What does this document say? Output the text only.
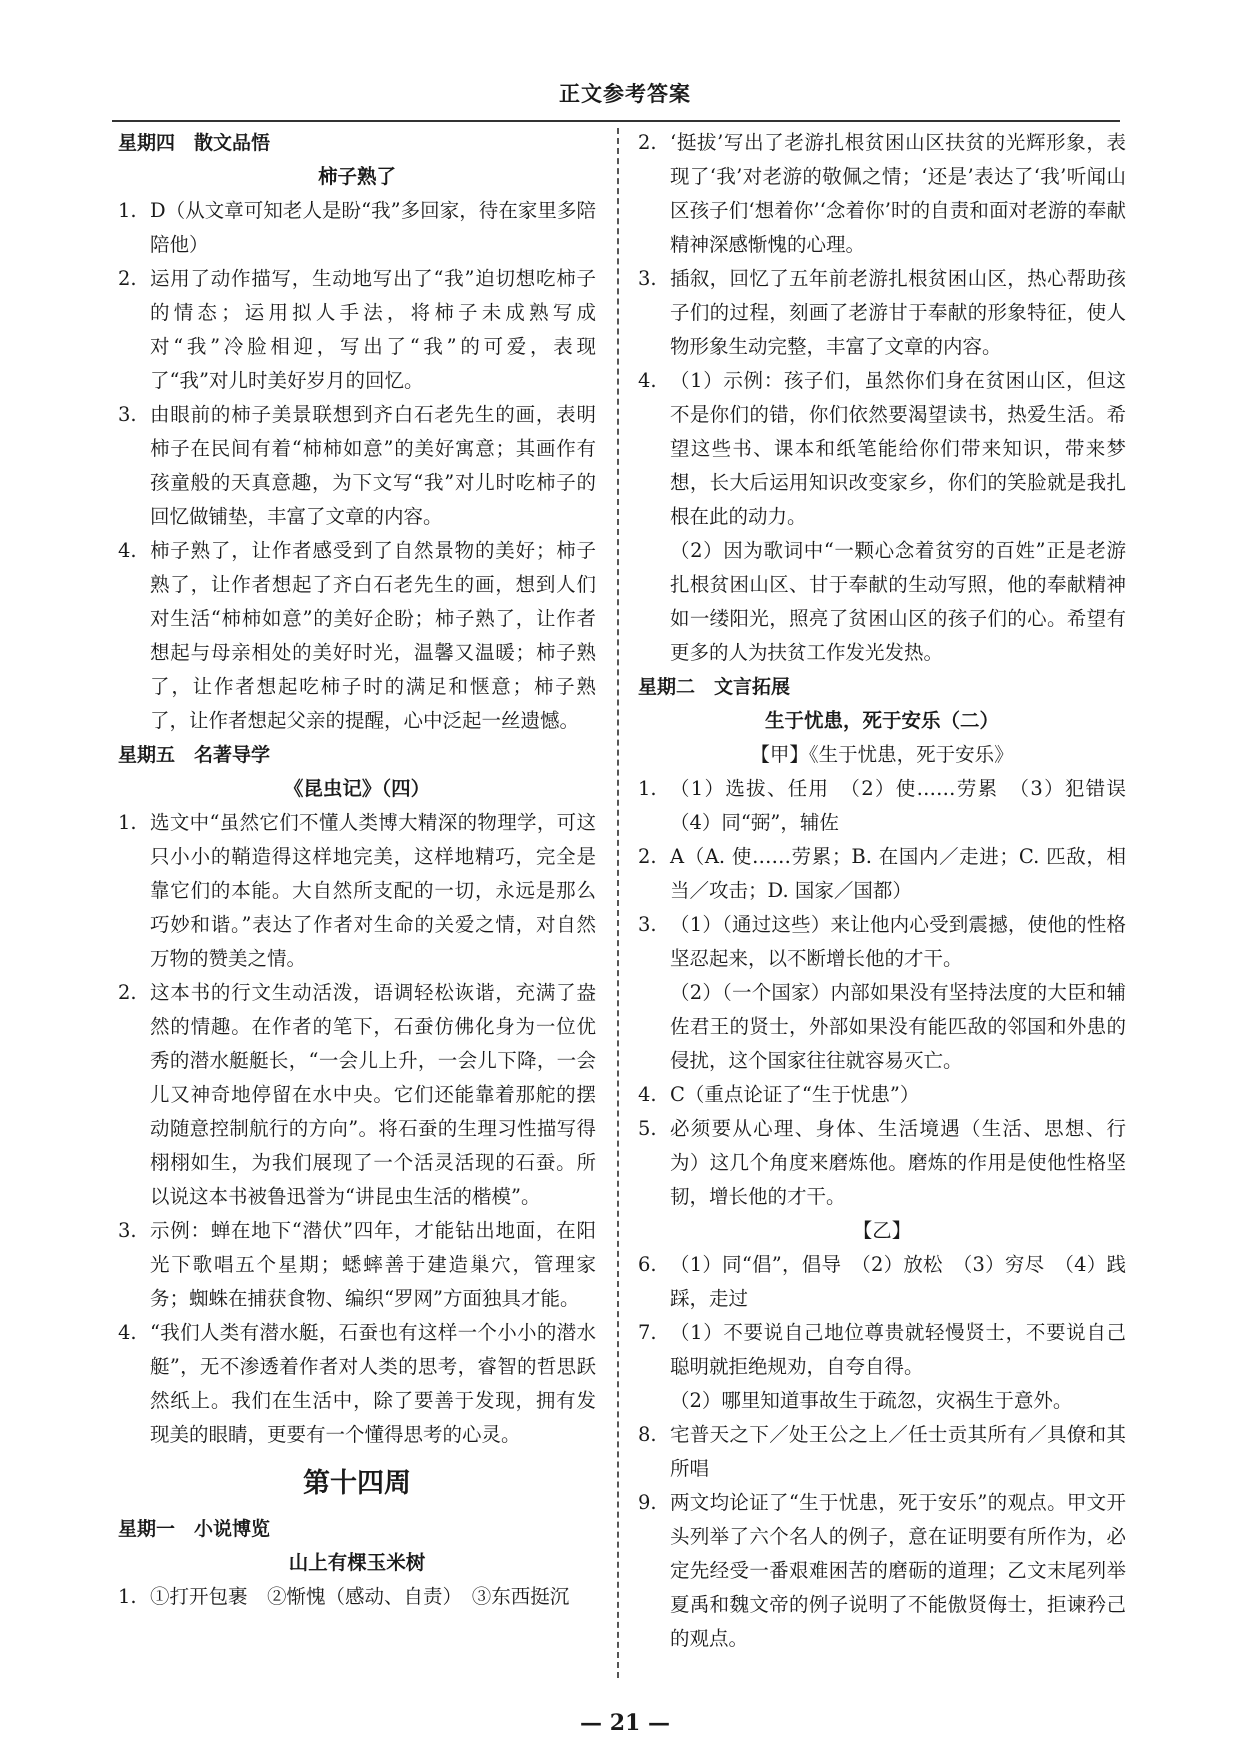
正文参考答案

星期四　散文品悟

柿子熟了

1. D（从文章可知老人是盼“我”多回家，待在家里多陪陪他）
2. 运用了动作描写，生动地写出了“我”迫切想吃柿子的情态；运用拟人手法，将柿子未成熟写成对“我”冷脸相迎，写出了“我”的可爱，表现了“我”对儿时美好岁月的回忆。
3. 由眼前的柿子美景联想到齐白石老先生的画，表明柿子在民间有着“柿柿如意”的美好寓意；其画作有孩童般的天真意趣，为下文写“我”对儿时吃柿子的回忆做铺垫，丰富了文章的内容。
4. 柿子熟了，让作者感受到了自然景物的美好；柿子熟了，让作者想起了齐白石老先生的画，想到人们对生活“柿柿如意”的美好企盼；柿子熟了，让作者想起与母亲相处的美好时光，温馨又温暖；柿子熟了，让作者想起吃柿子时的满足和惬意；柿子熟了，让作者想起父亲的提醒，心中泛起一丝遗憾。

星期五　名著导学

《昆虫记》（四）

1. 选文中“虽然它们不懂人类博大精深的物理学，可这只小小的鞘造得这样地完美，这样地精巧，完全是靠它们的本能。大自然所支配的一切，永远是那么巧妙和谐。”表达了作者对生命的关爱之情，对自然万物的赞美之情。
2. 这本书的行文生动活泼，语调轻松诙谐，充满了盎然的情趣。在作者的笔下，石蚕仿佛化身为一位优秀的潜水艇艇长，“一会儿上升，一会儿下降，一会儿又神奇地停留在水中央。它们还能靠着那舵的摆动随意控制航行的方向”。将石蚕的生理习性描写得栩栩如生，为我们展现了一个活灵活现的石蚕。所以说这本书被鲁迅誉为“讲昆虫生活的楷模”。
3. 示例：蝉在地下“潜伏”四年，才能钻出地面，在阳光下歌唱五个星期；蟋蟀善于建造巢穴，管理家务；蜘蛛在捕获食物、编织“罗网”方面独具才能。
4. “我们人类有潜水艇，石蚕也有这样一个小小的潜水艇”，无不渗透着作者对人类的思考，睿智的哲思跃然纸上。我们在生活中，除了要善于发现，拥有发现美的眼睛，更要有一个懂得思考的心灵。

第十四周

星期一　小说博览

山上有棵玉米树

1. ①打开包裹　②惭愧（感动、自责）　③东西挺沉
2. ‘挺拔’写出了老游扎根贫困山区扶贫的光辉形象，表现了‘我’对老游的敬佩之情；‘还是’表达了‘我’听闻山区孩子们‘想着你’‘念着你’时的自责和面对老游的奉献精神深感惭愧的心理。
3. 插叙，回忆了五年前老游扎根贫困山区，热心帮助孩子们的过程，刻画了老游甘于奉献的形象特征，使人物形象生动完整，丰富了文章的内容。
4. （1）示例：孩子们，虽然你们身在贫困山区，但这不是你们的错，你们依然要渴望读书，热爱生活。希望这些书、课本和纸笔能给你们带来知识，带来梦想，长大后运用知识改变家乡，你们的笑脸就是我扎根在此的动力。

（2）因为歌词中“一颗心念着贫穷的百姓”正是老游扎根贫困山区、甘于奉献的生动写照，他的奉献精神如一缕阳光，照亮了贫困山区的孩子们的心。希望有更多的人为扶贫工作发光发热。

星期二　文言拓展

生于忧患，死于安乐（二）

【甲】《生于忧患，死于安乐》

1. （1）选拔、任用　（2）使……劳累　（3）犯错误　（4）同“弼”，辅佐
2. A（A. 使……劳累；B. 在国内／走进；C. 匹敌，相当／攻击；D. 国家／国都）
3. （1）（通过这些）来让他内心受到震撼，使他的性格坚忍起来，以不断增长他的才干。

（2）（一个国家）内部如果没有坚持法度的大臣和辅佐君王的贤士，外部如果没有能匹敌的邻国和外患的侵扰，这个国家往往就容易灭亡。

4. C（重点论证了“生于忧患”）
5. 必须要从心理、身体、生活境遇（生活、思想、行为）这几个角度来磨炼他。磨炼的作用是使他性格坚韧，增长他的才干。

【乙】

6. （1）同“倡”，倡导　（2）放松　（3）穷尽　（4）践踩，走过
7. （1）不要说自己地位尊贵就轻慢贤士，不要说自己聪明就拒绝规劝，自夸自得。

（2）哪里知道事故生于疏忽，灾祸生于意外。

8. 宅普天之下／处王公之上／任士贡其所有／具僚和其所唱
9. 两文均论证了“生于忧患，死于安乐”的观点。甲文开头列举了六个名人的例子，意在证明要有所作为，必定先经受一番艰难困苦的磨砺的道理；乙文末尾列举夏禹和魏文帝的例子说明了不能傲贤侮士，拒谏矜己的观点。
— 21 —
